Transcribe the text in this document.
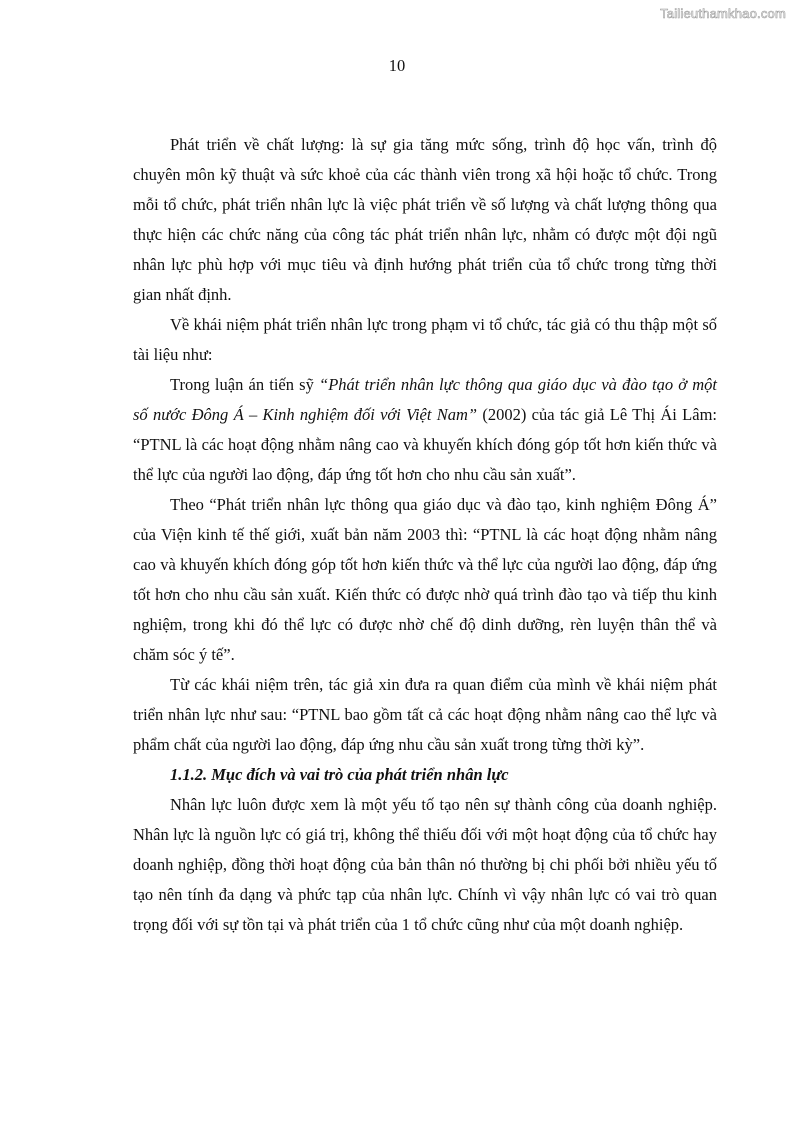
Tailieuthamkhao.com
10

Phát triển về chất lượng: là sự gia tăng mức sống, trình độ học vấn, trình độ chuyên môn kỹ thuật và sức khoẻ của các thành viên trong xã hội hoặc tổ chức. Trong mỗi tổ chức, phát triển nhân lực là việc phát triển về số lượng và chất lượng thông qua thực hiện các chức năng của công tác phát triển nhân lực, nhằm có được một đội ngũ nhân lực phù hợp với mục tiêu và định hướng phát triển của tổ chức trong từng thời gian nhất định.

Về khái niệm phát triển nhân lực trong phạm vi tổ chức, tác giả có thu thập một số tài liệu như:

Trong luận án tiến sỹ “Phát triển nhân lực thông qua giáo dục và đào tạo ở một số nước Đông Á – Kinh nghiệm đối với Việt Nam” (2002) của tác giả Lê Thị Ái Lâm: “PTNL là các hoạt động nhằm nâng cao và khuyến khích đóng góp tốt hơn kiến thức và thể lực của người lao động, đáp ứng tốt hơn cho nhu cầu sản xuất”.

Theo “Phát triển nhân lực thông qua giáo dục và đào tạo, kinh nghiệm Đông Á” của Viện kinh tế thế giới, xuất bản năm 2003 thì: “PTNL là các hoạt động nhằm nâng cao và khuyến khích đóng góp tốt hơn kiến thức và thể lực của người lao động, đáp ứng tốt hơn cho nhu cầu sản xuất. Kiến thức có được nhờ quá trình đào tạo và tiếp thu kinh nghiệm, trong khi đó thể lực có được nhờ chế độ dinh dưỡng, rèn luyện thân thể và chăm sóc ý tế”.

Từ các khái niệm trên, tác giả xin đưa ra quan điểm của mình về khái niệm phát triển nhân lực như sau: “PTNL bao gồm tất cả các hoạt động nhằm nâng cao thể lực và phẩm chất của người lao động, đáp ứng nhu cầu sản xuất trong từng thời kỳ”.

1.1.2. Mục đích và vai trò của phát triển nhân lực

Nhân lực luôn được xem là một yếu tố tạo nên sự thành công của doanh nghiệp. Nhân lực là nguồn lực có giá trị, không thể thiếu đối với một hoạt động của tổ chức hay doanh nghiệp, đồng thời hoạt động của bản thân nó thường bị chi phối bởi nhiều yếu tố tạo nên tính đa dạng và phức tạp của nhân lực. Chính vì vậy nhân lực có vai trò quan trọng đối với sự tồn tại và phát triển của 1 tổ chức cũng như của một doanh nghiệp.
